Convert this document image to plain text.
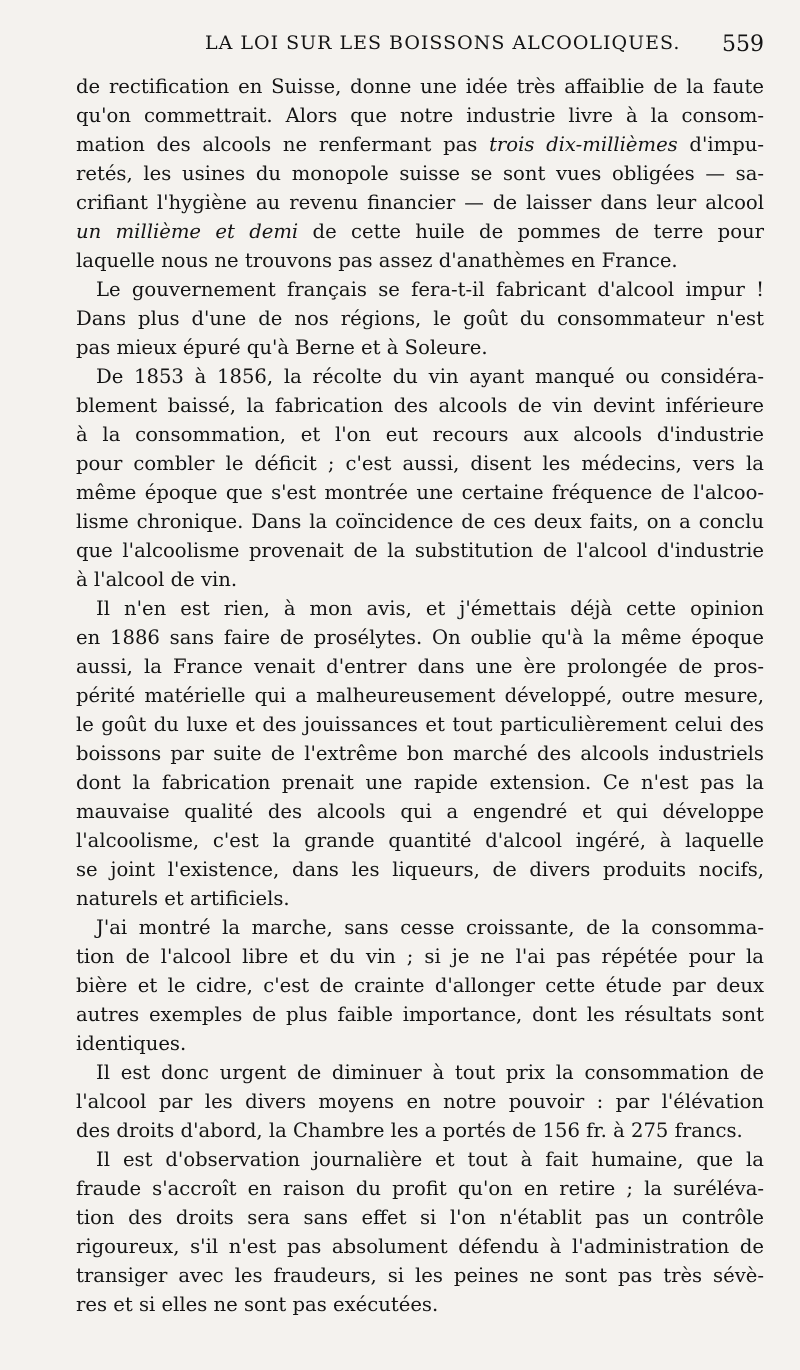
LA LOI SUR LES BOISSONS ALCOOLIQUES. 559

de rectification en Suisse, donne une idée très affaiblie de la faute
qu'on commettrait. Alors que notre industrie livre à la consom-
mation des alcools ne renfermant pas trois dix-millièmes d'impu-
retés, les usines du monopole suisse se sont vues obligées — sa-
crifiant l'hygiène au revenu financier — de laisser dans leur alcool
un millième et demi de cette huile de pommes de terre pour
laquelle nous ne trouvons pas assez d'anathèmes en France.

Le gouvernement français se fera-t-il fabricant d'alcool impur !
Dans plus d'une de nos régions, le goût du consommateur n'est
pas mieux épuré qu'à Berne et à Soleure.

De 1853 à 1856, la récolte du vin ayant manqué ou considéra-
blement baissé, la fabrication des alcools de vin devint inférieure
à la consommation, et l'on eut recours aux alcools d'industrie
pour combler le déficit ; c'est aussi, disent les médecins, vers la
même époque que s'est montrée une certaine fréquence de l'alcoo-
lisme chronique. Dans la coïncidence de ces deux faits, on a conclu
que l'alcoolisme provenait de la substitution de l'alcool d'industrie
à l'alcool de vin.

Il n'en est rien, à mon avis, et j'émettais déjà cette opinion
en 1886 sans faire de prosélytes. On oublie qu'à la même époque
aussi, la France venait d'entrer dans une ère prolongée de pros-
périté matérielle qui a malheureusement développé, outre mesure,
le goût du luxe et des jouissances et tout particulièrement celui des
boissons par suite de l'extrême bon marché des alcools industriels
dont la fabrication prenait une rapide extension. Ce n'est pas la
mauvaise qualité des alcools qui a engendré et qui développe
l'alcoolisme, c'est la grande quantité d'alcool ingéré, à laquelle
se joint l'existence, dans les liqueurs, de divers produits nocifs,
naturels et artificiels.

J'ai montré la marche, sans cesse croissante, de la consomma-
tion de l'alcool libre et du vin ; si je ne l'ai pas répétée pour la
bière et le cidre, c'est de crainte d'allonger cette étude par deux
autres exemples de plus faible importance, dont les résultats sont
identiques.

Il est donc urgent de diminuer à tout prix la consommation de
l'alcool par les divers moyens en notre pouvoir : par l'élévation
des droits d'abord, la Chambre les a portés de 156 fr. à 275 francs.

Il est d'observation journalière et tout à fait humaine, que la
fraude s'accroît en raison du profit qu'on en retire ; la suréléva-
tion des droits sera sans effet si l'on n'établit pas un contrôle
rigoureux, s'il n'est pas absolument défendu à l'administration de
transiger avec les fraudeurs, si les peines ne sont pas très sévè-
res et si elles ne sont pas exécutées.
